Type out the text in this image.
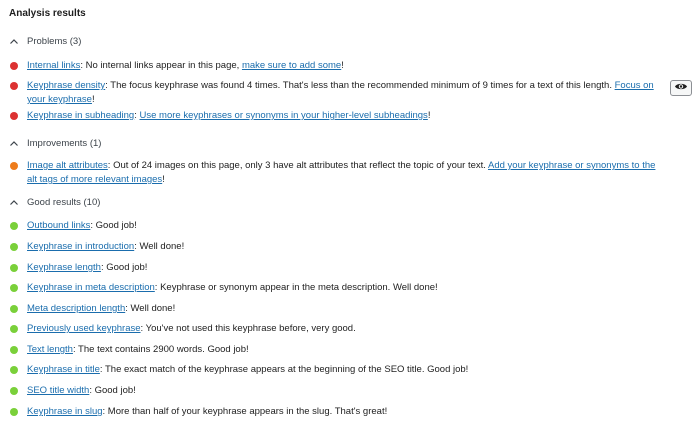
Analysis results
Problems (3)
Internal links: No internal links appear in this page, make sure to add some!
Keyphrase density: The focus keyphrase was found 4 times. That's less than the recommended minimum of 9 times for a text of this length. Focus on your keyphrase!
Keyphrase in subheading: Use more keyphrases or synonyms in your higher-level subheadings!
Improvements (1)
Image alt attributes: Out of 24 images on this page, only 3 have alt attributes that reflect the topic of your text. Add your keyphrase or synonyms to the alt tags of more relevant images!
Good results (10)
Outbound links: Good job!
Keyphrase in introduction: Well done!
Keyphrase length: Good job!
Keyphrase in meta description: Keyphrase or synonym appear in the meta description. Well done!
Meta description length: Well done!
Previously used keyphrase: You've not used this keyphrase before, very good.
Text length: The text contains 2900 words. Good job!
Keyphrase in title: The exact match of the keyphrase appears at the beginning of the SEO title. Good job!
SEO title width: Good job!
Keyphrase in slug: More than half of your keyphrase appears in the slug. That's great!
